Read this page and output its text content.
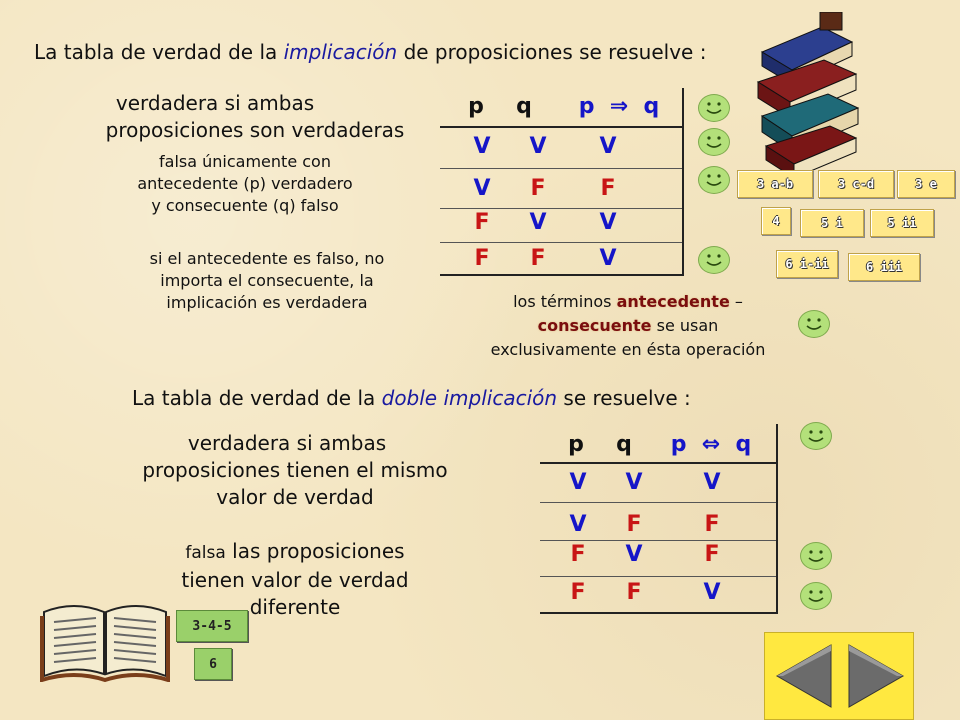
La tabla de verdad de la implicación de proposiciones se resuelve :
verdadera si ambas
proposiciones son verdaderas
falsa únicamente con
antecedente (p) verdadero
y consecuente (q) falso
si el antecedente es falso, no
importa el consecuente, la
implicación es verdadera
p	q	p  ⇒  q
V V V
V F F
F V V
F F V
los términos antecedente –
consecuente se usan
exclusivamente en ésta operación
3 a-b	3 c-d	3 e
4	5 i	5 ii
6 i-ii	6 iii
La tabla de verdad de la doble implicación se resuelve :
verdadera si ambas
proposiciones tienen el mismo
valor de verdad
falsa las proposiciones
tienen valor de verdad
diferente
p	q	p  ⇔  q
V V	V
V F	F
F V	F
F F	V
3-4-5
6
